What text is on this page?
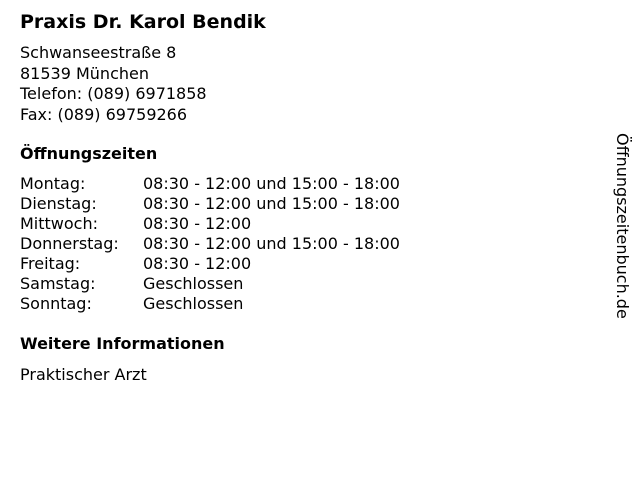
Praxis Dr. Karol Bendik
Schwanseestraße 8
81539 München
Telefon: (089) 6971858
Fax: (089) 69759266
Öffnungszeiten
Montag:	08:30 - 12:00 und 15:00 - 18:00
Dienstag:	08:30 - 12:00 und 15:00 - 18:00
Mittwoch:	08:30 - 12:00
Donnerstag:	08:30 - 12:00 und 15:00 - 18:00
Freitag:	08:30 - 12:00
Samstag:	Geschlossen
Sonntag:	Geschlossen
Weitere Informationen
Praktischer Arzt
Öffnungszeitenbuch.de
